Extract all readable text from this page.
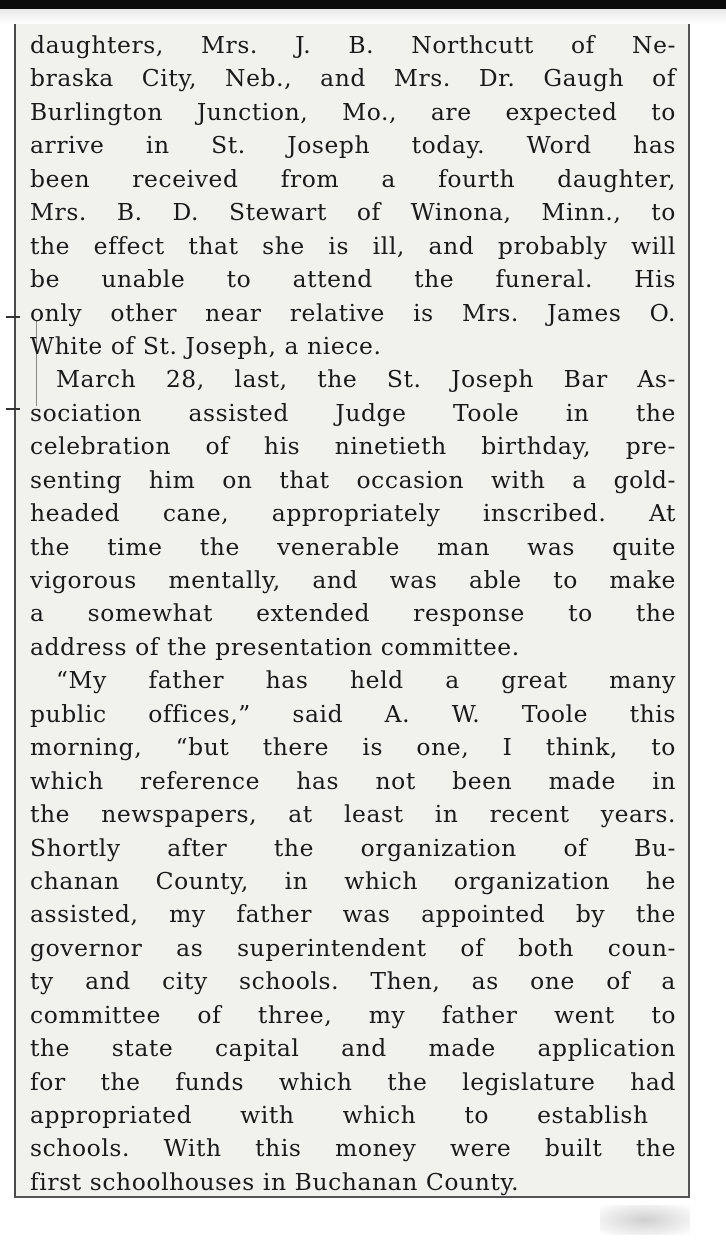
daughters, Mrs. J. B. Northcutt of Ne-
braska City, Neb., and Mrs. Dr. Gaugh of
Burlington Junction, Mo., are expected to
arrive in St. Joseph today. Word has
been received from a fourth daughter,
Mrs. B. D. Stewart of Winona, Minn., to
the effect that she is ill, and probably will
be unable to attend the funeral. His
only other near relative is Mrs. James O.
White of St. Joseph, a niece.
March 28, last, the St. Joseph Bar As-
sociation assisted Judge Toole in the
celebration of his ninetieth birthday, pre-
senting him on that occasion with a gold-
headed cane, appropriately inscribed. At
the time the venerable man was quite
vigorous mentally, and was able to make
a somewhat extended response to the
address of the presentation committee.
“My father has held a great many
public offices,” said A. W. Toole this
morning, “but there is one, I think, to
which reference has not been made in
the newspapers, at least in recent years.
Shortly after the organization of Bu-
chanan County, in which organization he
assisted, my father was appointed by the
governor as superintendent of both coun-
ty and city schools. Then, as one of a
committee of three, my father went to
the state capital and made application
for the funds which the legislature had
appropriated with which to establish
schools. With this money were built the
first schoolhouses in Buchanan County.
